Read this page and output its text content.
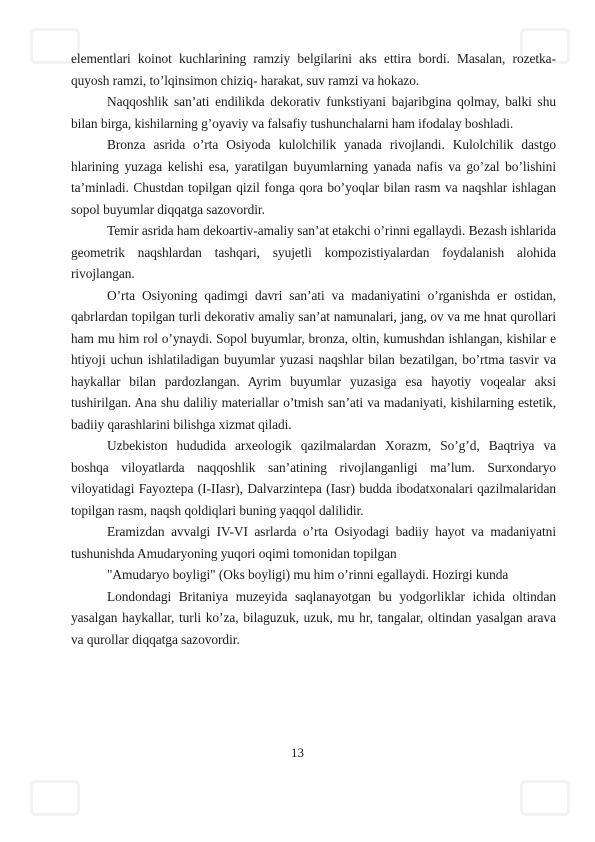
elementlari koinot kuchlarining ramziy belgilarini aks ettira bordi. Masalan, rozetka-quyosh ramzi, to’lqinsimon chiziq- harakat, suv ramzi va hokazo.

Naqqoshlik san’ati endilikda dekorativ funkstiyani bajaribgina qolmay, balki shu bilan birga, kishilarning g’oyaviy va falsafiy tushunchalarni ham ifodalay boshladi.

Bronza asrida o’rta Osiyoda kulolchilik yanada rivojlandi. Kulolchilik dastgo hlarining yuzaga kelishi esa, yaratilgan buyumlarning yanada nafis va go’zal bo’lishini ta’minladi. Chustdan topilgan qizil fonga qora bo’yoqlar bilan rasm va naqshlar ishlagan sopol buyumlar diqqatga sazovordir.

Temir asrida ham dekoartiv-amaliy san’at etakchi o’rinni egallaydi. Bezash ishlarida geometrik naqshlardan tashqari, syujetli kompozistiyalardan foydalanish alohida rivojlangan.

O’rta Osiyoning qadimgi davri san’ati va madaniyatini o’rganishda er ostidan, qabrlardan topilgan turli dekorativ amaliy san’at namunalari, jang, ov va me hnat qurollari ham mu him rol o’ynaydi. Sopol buyumlar, bronza, oltin, kumushdan ishlangan, kishilar e htiyoji uchun ishlatiladigan buyumlar yuzasi naqshlar bilan bezatilgan, bo’rtma tasvir va haykallar bilan pardozlangan. Ayrim buyumlar yuzasiga esa hayotiy voqealar aksi tushirilgan. Ana shu daliliy materiallar o’tmish san’ati va madaniyati, kishilarning estetik, badiiy qarashlarini bilishga xizmat qiladi.

Uzbekiston hududida arxeologik qazilmalardan Xorazm, So’g’d, Baqtriya va boshqa viloyatlarda naqqoshlik san’atining rivojlanganligi ma’lum. Surxondaryo viloyatidagi Fayoztepa (I-IIasr), Dalvarzintepa (Iasr) budda ibodatxonalari qazilmalaridan topilgan rasm, naqsh qoldiqlari buning yaqqol dalilidir.

Eramizdan avvalgi IV-VI asrlarda o’rta Osiyodagi badiiy hayot va madaniyatni tushunishda Amudaryoning yuqori oqimi tomonidan topilgan

"Amudaryo boyligi" (Oks boyligi) mu him o’rinni egallaydi. Hozirgi kunda

Londondagi Britaniya muzeyida saqlanayotgan bu yodgorliklar ichida oltindan yasalgan haykallar, turli ko’za, bilaguzuk, uzuk, mu hr, tangalar, oltindan yasalgan arava va qurollar diqqatga sazovordir.

13
